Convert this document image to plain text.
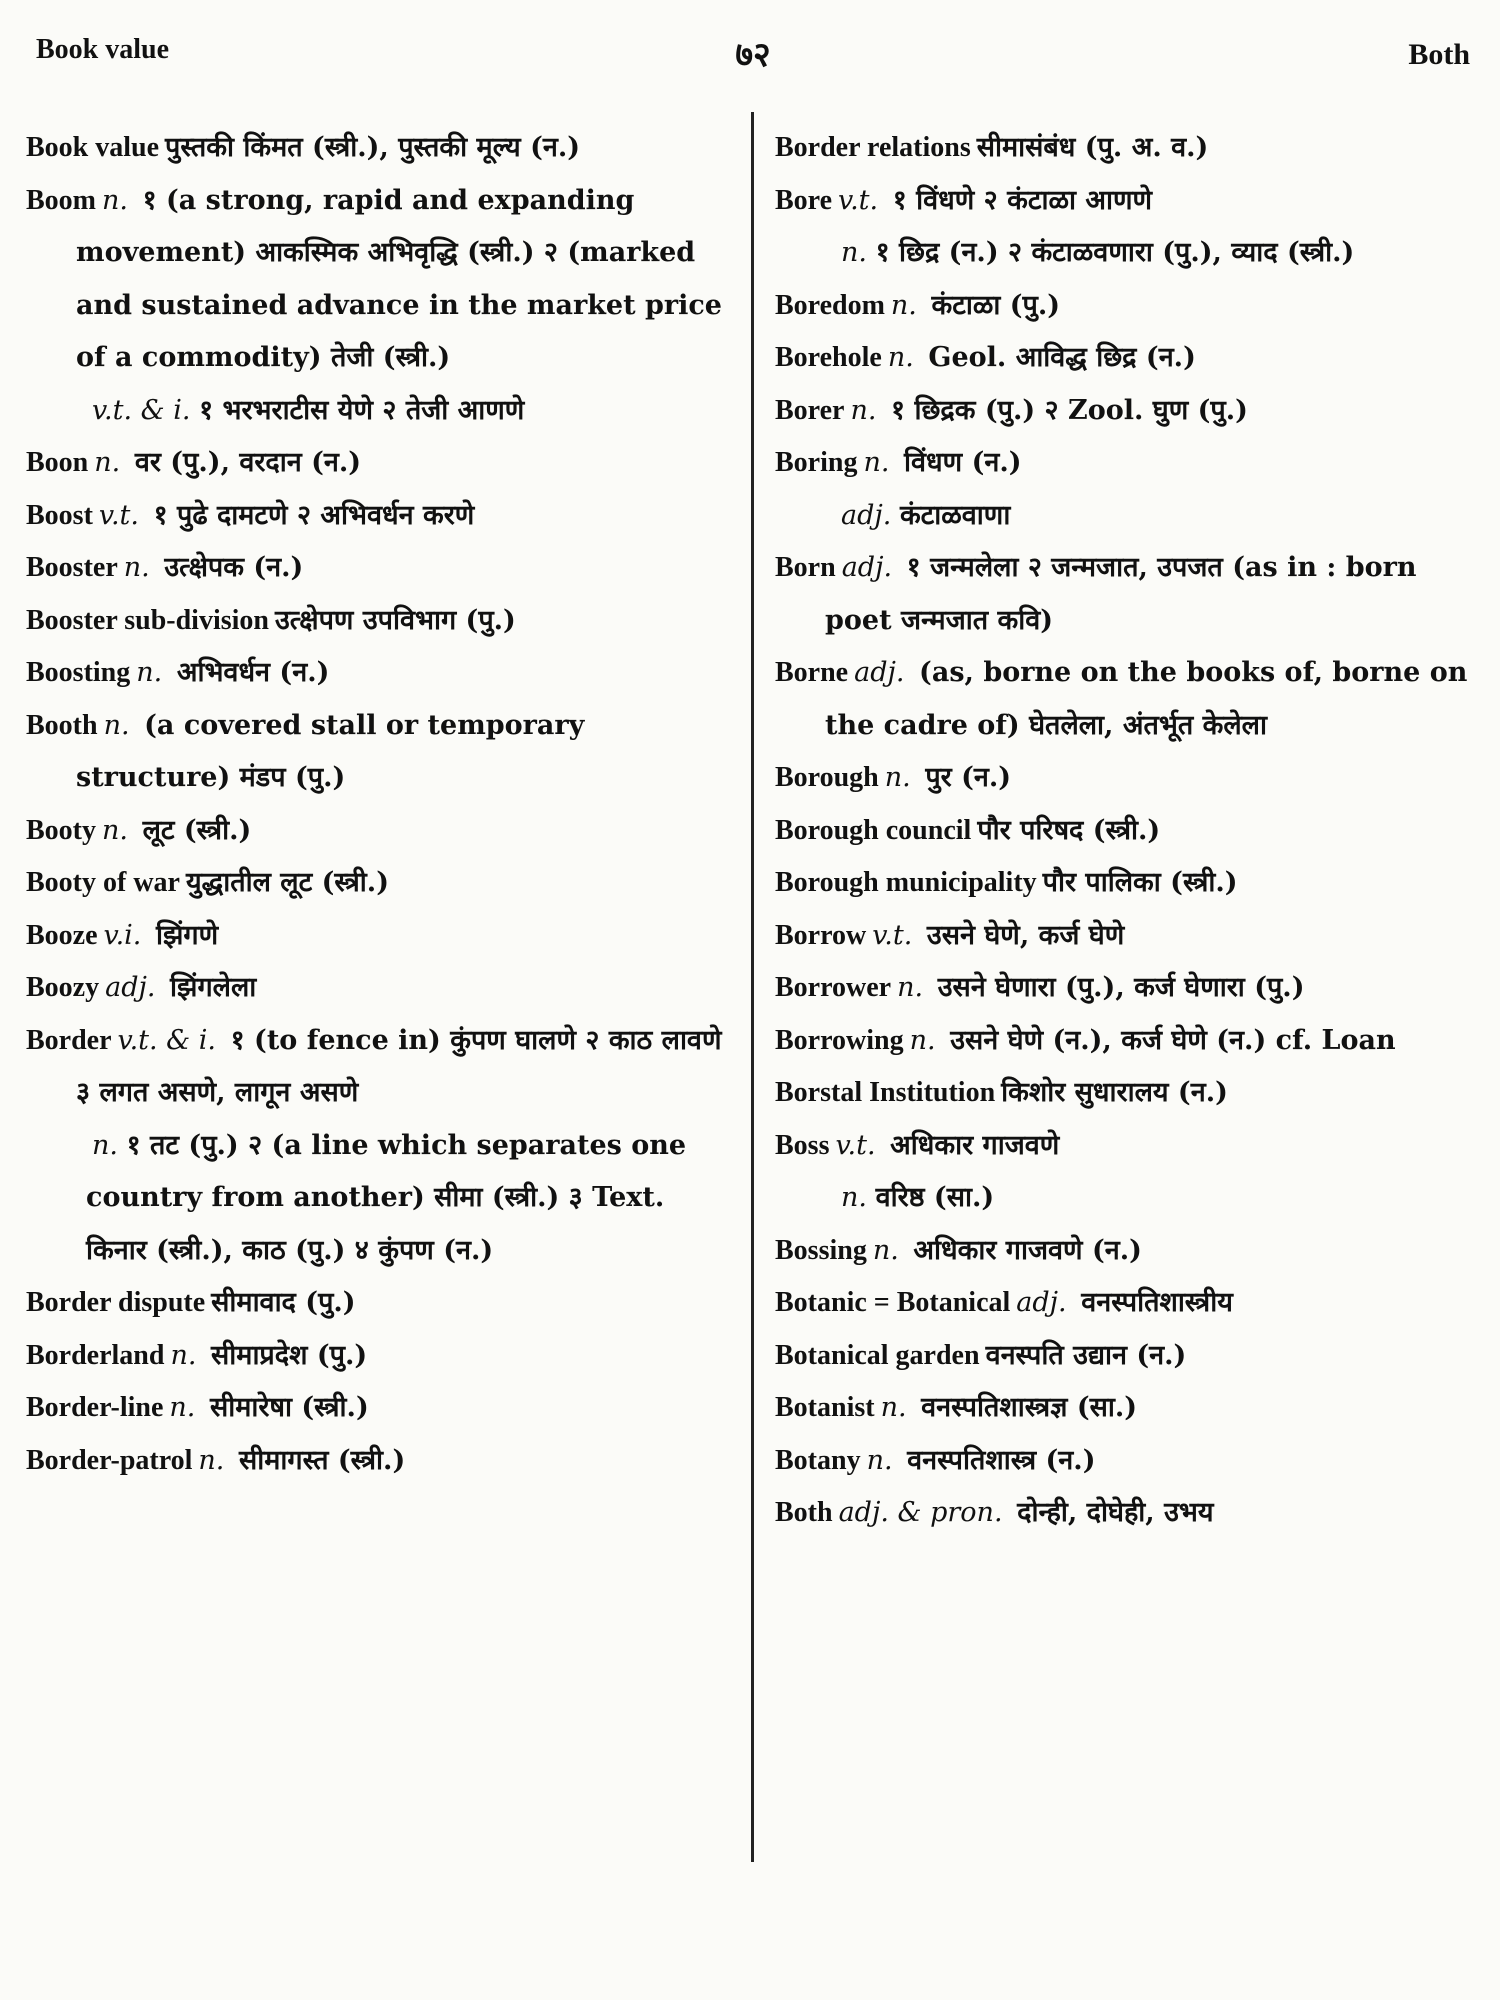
Book value	७२	Both

Book value पुस्तकी किंमत (स्त्री.), पुस्तकी मूल्य (न.)

Boom n. १ (a strong, rapid and expanding movement) आकस्मिक अभिवृद्धि (स्त्री.) २ (marked and sustained advance in the market price of a commodity) तेजी (स्त्री.)

v.t. & i. १ भरभराटीस येणे २ तेजी आणणे

Boon n. वर (पु.), वरदान (न.)

Boost v.t. १ पुढे दामटणे २ अभिवर्धन करणे

Booster n. उत्क्षेपक (न.)

Booster sub-division उत्क्षेपण उपविभाग (पु.)

Boosting n. अभिवर्धन (न.)

Booth n. (a covered stall or temporary structure) मंडप (पु.)

Booty n. लूट (स्त्री.)

Booty of war युद्धातील लूट (स्त्री.)

Booze v.i. झिंगणे

Boozy adj. झिंगलेला

Border v.t. & i. १ (to fence in) कुंपण घालणे २ काठ लावणे ३ लगत असणे, लागून असणे

n. १ तट (पु.) २ (a line which separates one country from another) सीमा (स्त्री.) ३ Text. किनार (स्त्री.), काठ (पु.) ४ कुंपण (न.)

Border dispute सीमावाद (पु.)

Borderland n. सीमाप्रदेश (पु.)

Border-line n. सीमारेषा (स्त्री.)

Border-patrol n. सीमागस्त (स्त्री.)

Border relations सीमासंबंध (पु. अ. व.)

Bore v.t. १ विंधणे २ कंटाळा आणणे

n. १ छिद्र (न.) २ कंटाळवणारा (पु.), व्याद (स्त्री.)

Boredom n. कंटाळा (पु.)

Borehole n. Geol. आविद्ध छिद्र (न.)

Borer n. १ छिद्रक (पु.) २ Zool. घुण (पु.)

Boring n. विंधण (न.)

adj. कंटाळवाणा

Born adj. १ जन्मलेला २ जन्मजात, उपजत (as in : born poet जन्मजात कवि)

Borne adj. (as, borne on the books of, borne on the cadre of) घेतलेला, अंतर्भूत केलेला

Borough n. पुर (न.)

Borough council पौर परिषद (स्त्री.)

Borough municipality पौर पालिका (स्त्री.)

Borrow v.t. उसने घेणे, कर्ज घेणे

Borrower n. उसने घेणारा (पु.), कर्ज घेणारा (पु.)

Borrowing n. उसने घेणे (न.), कर्ज घेणे (न.) cf. Loan

Borstal Institution किशोर सुधारालय (न.)

Boss v.t. अधिकार गाजवणे

n. वरिष्ठ (सा.)

Bossing n. अधिकार गाजवणे (न.)

Botanic = Botanical adj. वनस्पतिशास्त्रीय

Botanical garden वनस्पति उद्यान (न.)

Botanist n. वनस्पतिशास्त्रज्ञ (सा.)

Botany n. वनस्पतिशास्त्र (न.)

Both adj. & pron. दोन्ही, दोघेही, उभय
